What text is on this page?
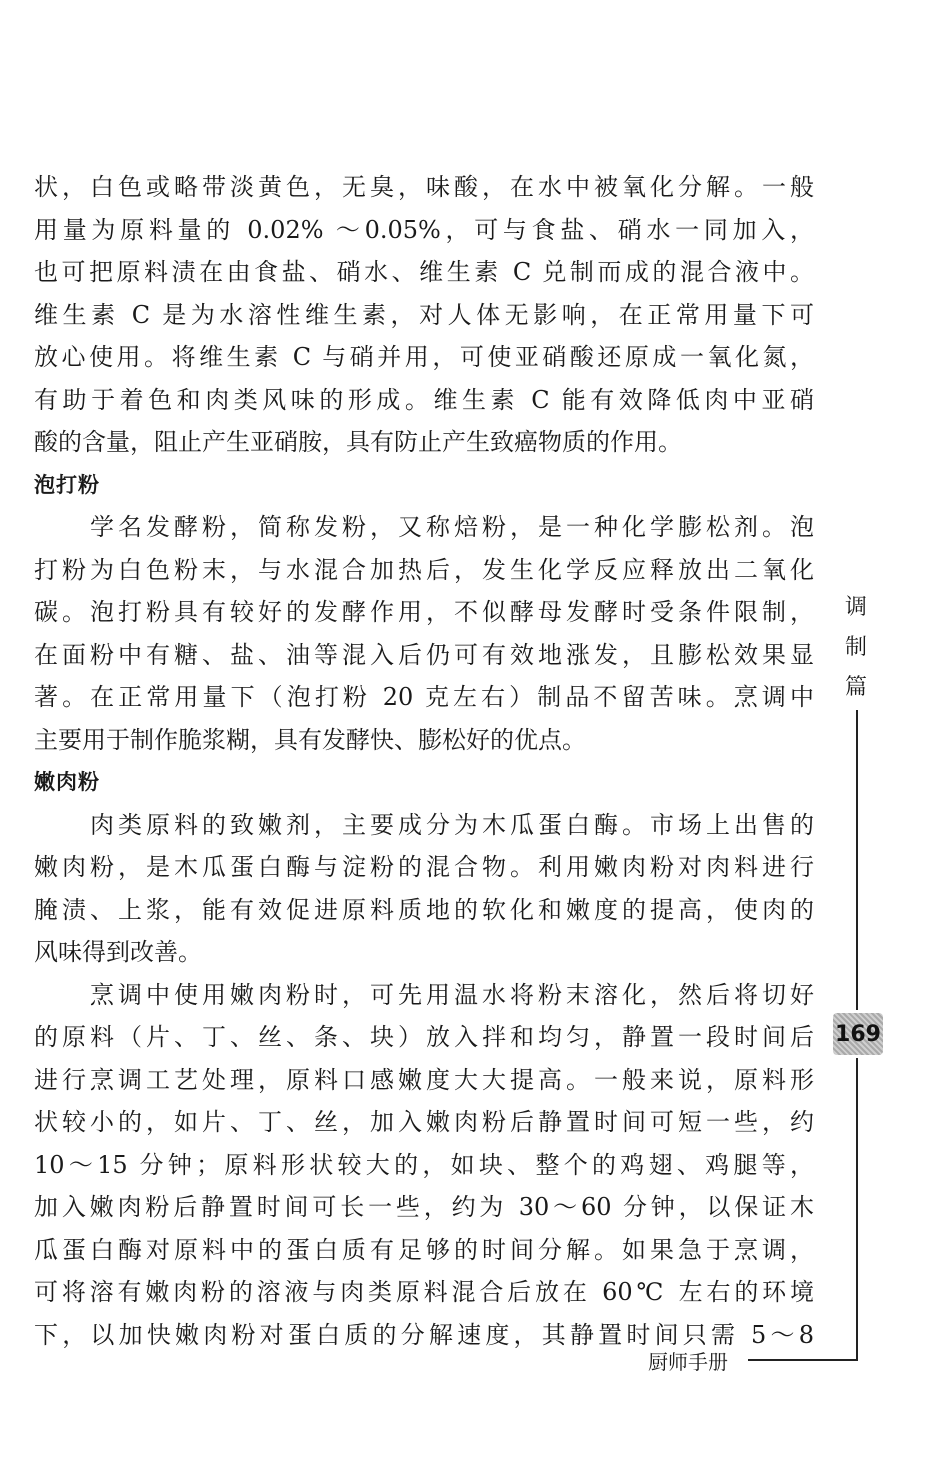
状，白色或略带淡黄色，无臭，味酸，在水中被氧化分解。一般
用量为原料量的 0.02% ～0.05%，可与食盐、硝水一同加入，
也可把原料渍在由食盐、硝水、维生素 C 兑制而成的混合液中。
维生素 C 是为水溶性维生素，对人体无影响，在正常用量下可
放心使用。将维生素 C 与硝并用，可使亚硝酸还原成一氧化氮，
有助于着色和肉类风味的形成。维生素 C 能有效降低肉中亚硝
酸的含量，阻止产生亚硝胺，具有防止产生致癌物质的作用。
泡打粉
学名发酵粉，简称发粉，又称焙粉，是一种化学膨松剂。泡
打粉为白色粉末，与水混合加热后，发生化学反应释放出二氧化
碳。泡打粉具有较好的发酵作用，不似酵母发酵时受条件限制，
在面粉中有糖、盐、油等混入后仍可有效地涨发，且膨松效果显
著。在正常用量下（泡打粉 20 克左右）制品不留苦味。烹调中
主要用于制作脆浆糊，具有发酵快、膨松好的优点。
嫩肉粉
肉类原料的致嫩剂，主要成分为木瓜蛋白酶。市场上出售的
嫩肉粉，是木瓜蛋白酶与淀粉的混合物。利用嫩肉粉对肉料进行
腌渍、上浆，能有效促进原料质地的软化和嫩度的提高，使肉的
风味得到改善。
烹调中使用嫩肉粉时，可先用温水将粉末溶化，然后将切好
的原料（片、丁、丝、条、块）放入拌和均匀，静置一段时间后
进行烹调工艺处理，原料口感嫩度大大提高。一般来说，原料形
状较小的，如片、丁、丝，加入嫩肉粉后静置时间可短一些，约
10～15 分钟；原料形状较大的，如块、整个的鸡翅、鸡腿等，
加入嫩肉粉后静置时间可长一些，约为 30～60 分钟，以保证木
瓜蛋白酶对原料中的蛋白质有足够的时间分解。如果急于烹调，
可将溶有嫩肉粉的溶液与肉类原料混合后放在 60℃ 左右的环境
下，以加快嫩肉粉对蛋白质的分解速度，其静置时间只需 5～8
调
制
篇
169
厨师手册
